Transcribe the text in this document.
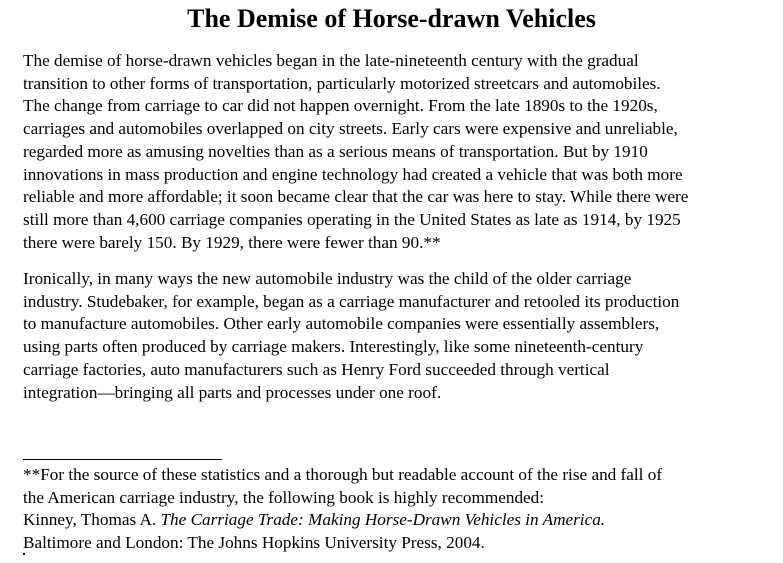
The Demise of Horse-drawn Vehicles

The demise of horse-drawn vehicles began in the late-nineteenth century with the gradual
transition to other forms of transportation, particularly motorized streetcars and automobiles.
The change from carriage to car did not happen overnight. From the late 1890s to the 1920s,
carriages and automobiles overlapped on city streets. Early cars were expensive and unreliable,
regarded more as amusing novelties than as a serious means of transportation. But by 1910
innovations in mass production and engine technology had created a vehicle that was both more
reliable and more affordable; it soon became clear that the car was here to stay. While there were
still more than 4,600 carriage companies operating in the United States as late as 1914, by 1925
there were barely 150. By 1929, there were fewer than 90.**

Ironically, in many ways the new automobile industry was the child of the older carriage
industry. Studebaker, for example, began as a carriage manufacturer and retooled its production
to manufacture automobiles. Other early automobile companies were essentially assemblers,
using parts often produced by carriage makers. Interestingly, like some nineteenth-century
carriage factories, auto manufacturers such as Henry Ford succeeded through vertical
integration—bringing all parts and processes under one roof.

**For the source of these statistics and a thorough but readable account of the rise and fall of
the American carriage industry, the following book is highly recommended:
Kinney, Thomas A. The Carriage Trade: Making Horse-Drawn Vehicles in America.
Baltimore and London: The Johns Hopkins University Press, 2004.
